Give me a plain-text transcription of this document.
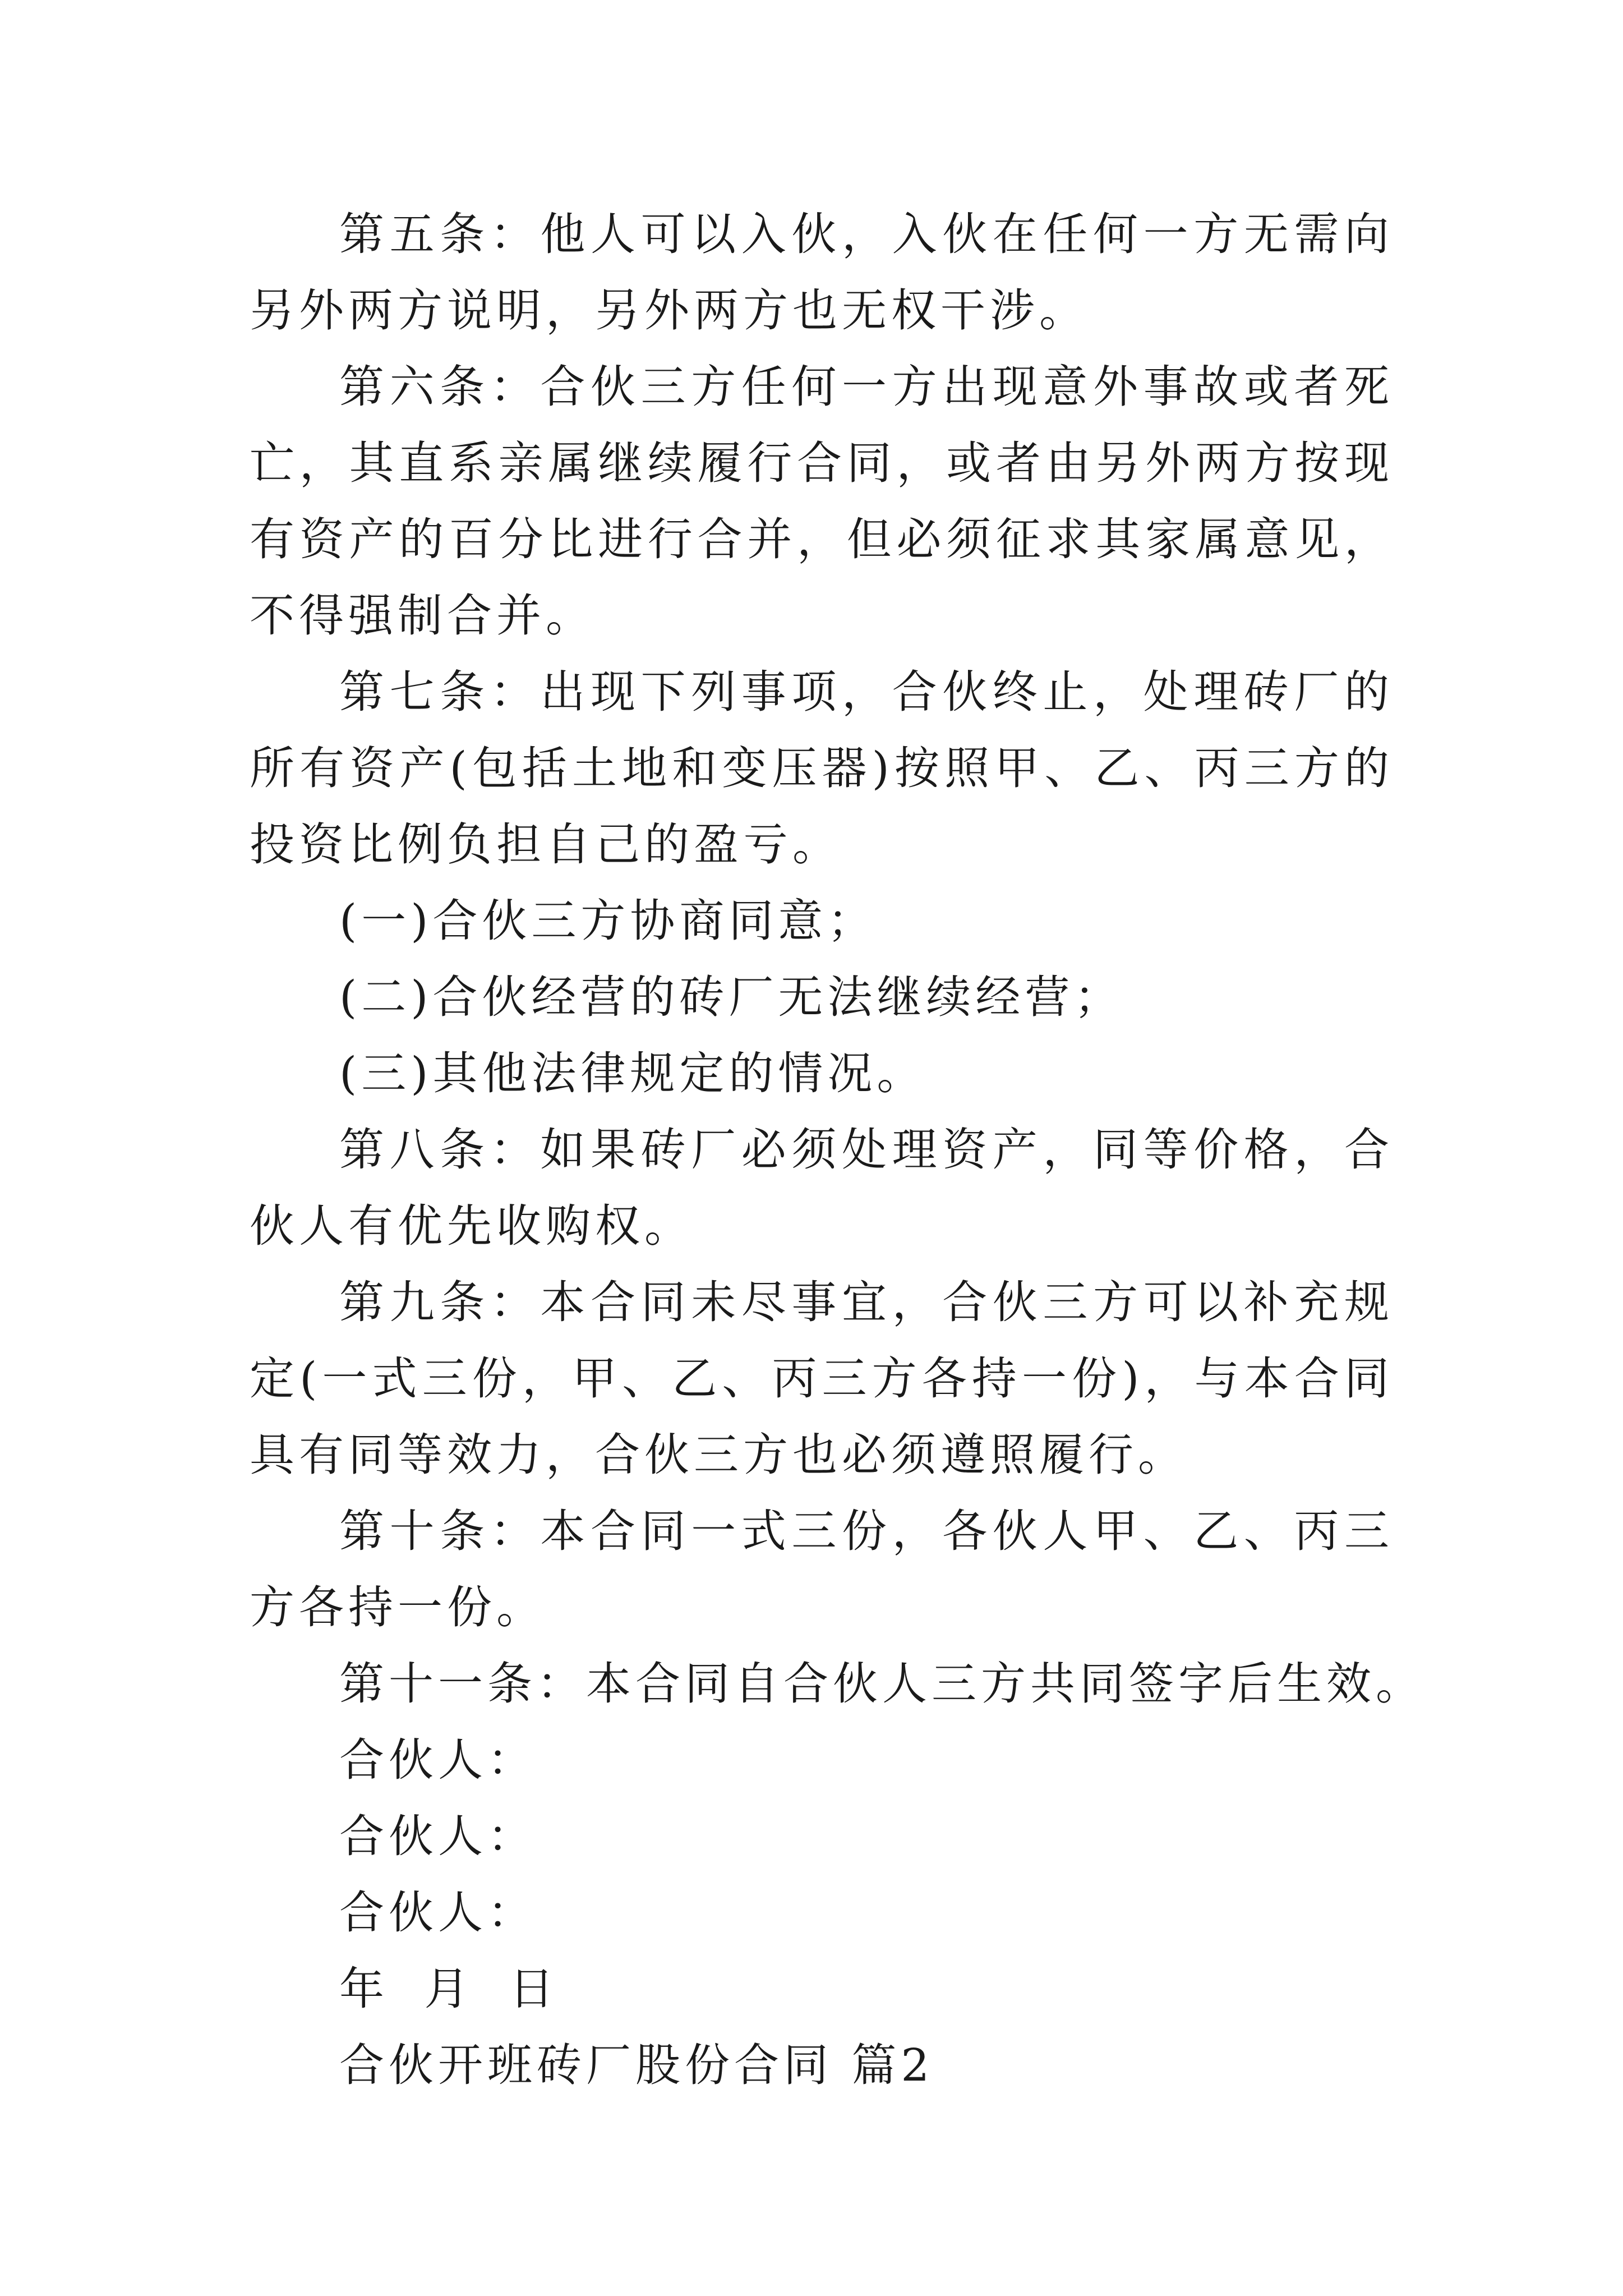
第五条：他人可以入伙，入伙在任何一方无需向另外两方说明，另外两方也无权干涉。

第六条：合伙三方任何一方出现意外事故或者死亡，其直系亲属继续履行合同，或者由另外两方按现有资产的百分比进行合并，但必须征求其家属意见，不得强制合并。

第七条：出现下列事项，合伙终止，处理砖厂的所有资产(包括土地和变压器)按照甲、乙、丙三方的投资比例负担自己的盈亏。

(一)合伙三方协商同意；

(二)合伙经营的砖厂无法继续经营；

(三)其他法律规定的情况。

第八条：如果砖厂必须处理资产，同等价格，合伙人有优先收购权。

第九条：本合同未尽事宜，合伙三方可以补充规定(一式三份，甲、乙、丙三方各持一份)，与本合同具有同等效力，合伙三方也必须遵照履行。

第十条：本合同一式三份，各伙人甲、乙、丙三方各持一份。

第十一条：本合同自合伙人三方共同签字后生效。

合伙人：

合伙人：

合伙人：

年 月 日

合伙开班砖厂股份合同 篇2
